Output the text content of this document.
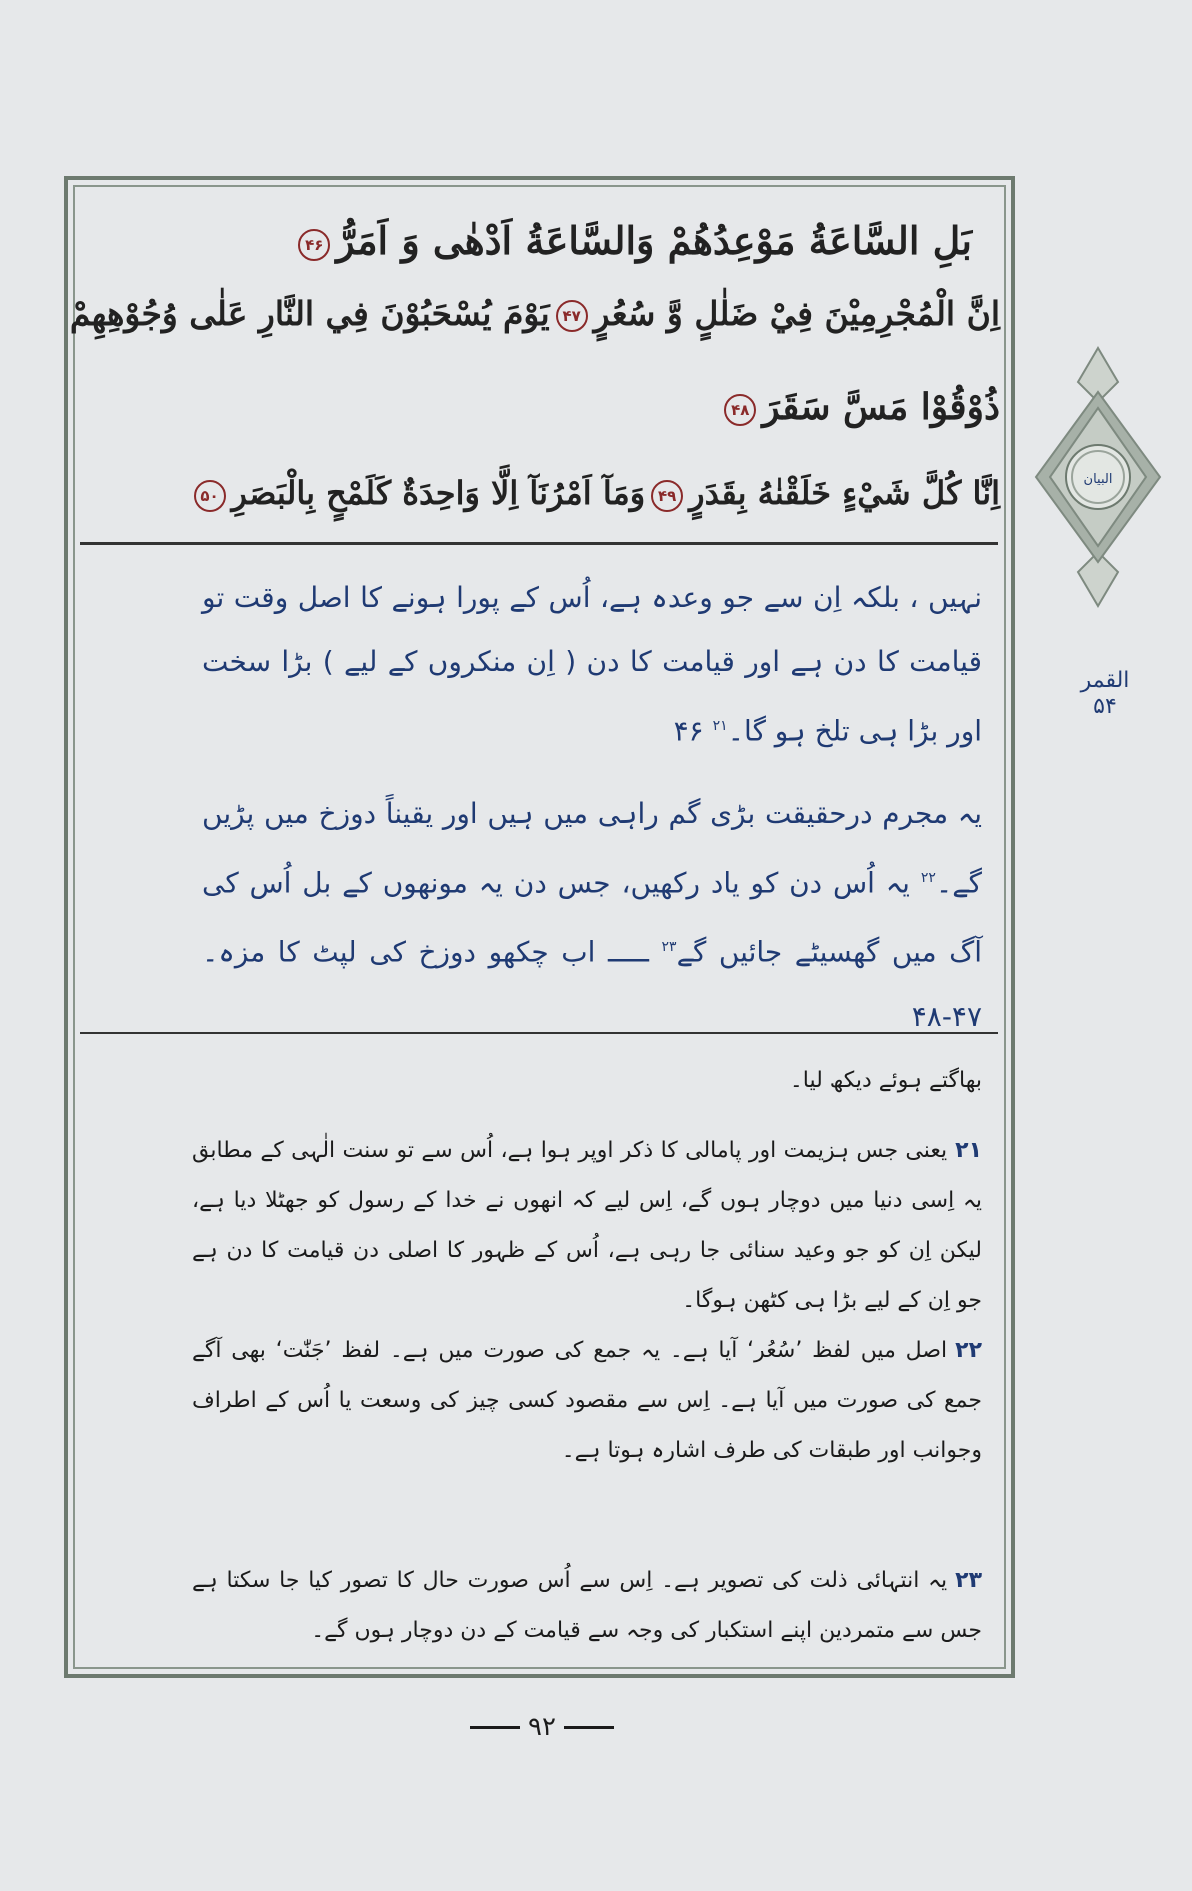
بَلِ السَّاعَةُ مَوْعِدُهُمْ وَالسَّاعَةُ اَدْهٰى وَ اَمَرُّ۴۶
اِنَّ الْمُجْرِمِيْنَ فِيْ ضَلٰلٍ وَّ سُعُرٍ۴۷يَوْمَ يُسْحَبُوْنَ فِي النَّارِ عَلٰى وُجُوْهِهِمْ
ذُوْقُوْا مَسَّ سَقَرَ۴۸
اِنَّا كُلَّ شَيْءٍ خَلَقْنٰهُ بِقَدَرٍ۴۹وَمَآ اَمْرُنَآ اِلَّا وَاحِدَةٌ كَلَمْحٍ بِالْبَصَرِ۵۰
نہیں ، بلکہ اِن سے جو وعدہ ہے، اُس کے پورا ہونے کا اصل وقت تو قیامت کا دن ہے اور قیامت کا دن ( اِن منکروں کے لیے ) بڑا سخت اور بڑا ہی تلخ ہو گا۔$^{۲۱}$ ۴۶
یہ مجرم درحقیقت بڑی گم راہی میں ہیں اور یقیناً دوزخ میں پڑیں گے۔$^{۲۲}$ یہ اُس دن کو یاد رکھیں، جس دن یہ مونھوں کے بل اُس کی آگ میں گھسیٹے جائیں گے$^{۲۳}$ ـــــ اب چکھو دوزخ کی لپٹ کا مزہ۔ ۴۷-۴۸
بھاگتے ہوئے دیکھ لیا۔
۲۱یعنی جس ہزیمت اور پامالی کا ذکر اوپر ہوا ہے، اُس سے تو سنت الٰہی کے مطابق یہ اِسی دنیا میں دوچار ہوں گے، اِس لیے کہ انھوں نے خدا کے رسول کو جھٹلا دیا ہے، لیکن اِن کو جو وعید سنائی جا رہی ہے، اُس کے ظہور کا اصلی دن قیامت کا دن ہے جو اِن کے لیے بڑا ہی کٹھن ہوگا۔
۲۲اصل میں لفظ ’سُعُر‘ آیا ہے۔ یہ جمع کی صورت میں ہے۔ لفظ ’جَنّٰت‘ بھی آگے جمع کی صورت میں آیا ہے۔ اِس سے مقصود کسی چیز کی وسعت یا اُس کے اطراف وجوانب اور طبقات کی طرف اشارہ ہوتا ہے۔
۲۳یہ انتہائی ذلت کی تصویر ہے۔ اِس سے اُس صورت حال کا تصور کیا جا سکتا ہے جس سے متمردین اپنے استکبار کی وجہ سے قیامت کے دن دوچار ہوں گے۔
البيان
القمر
۵۴
۹۲
